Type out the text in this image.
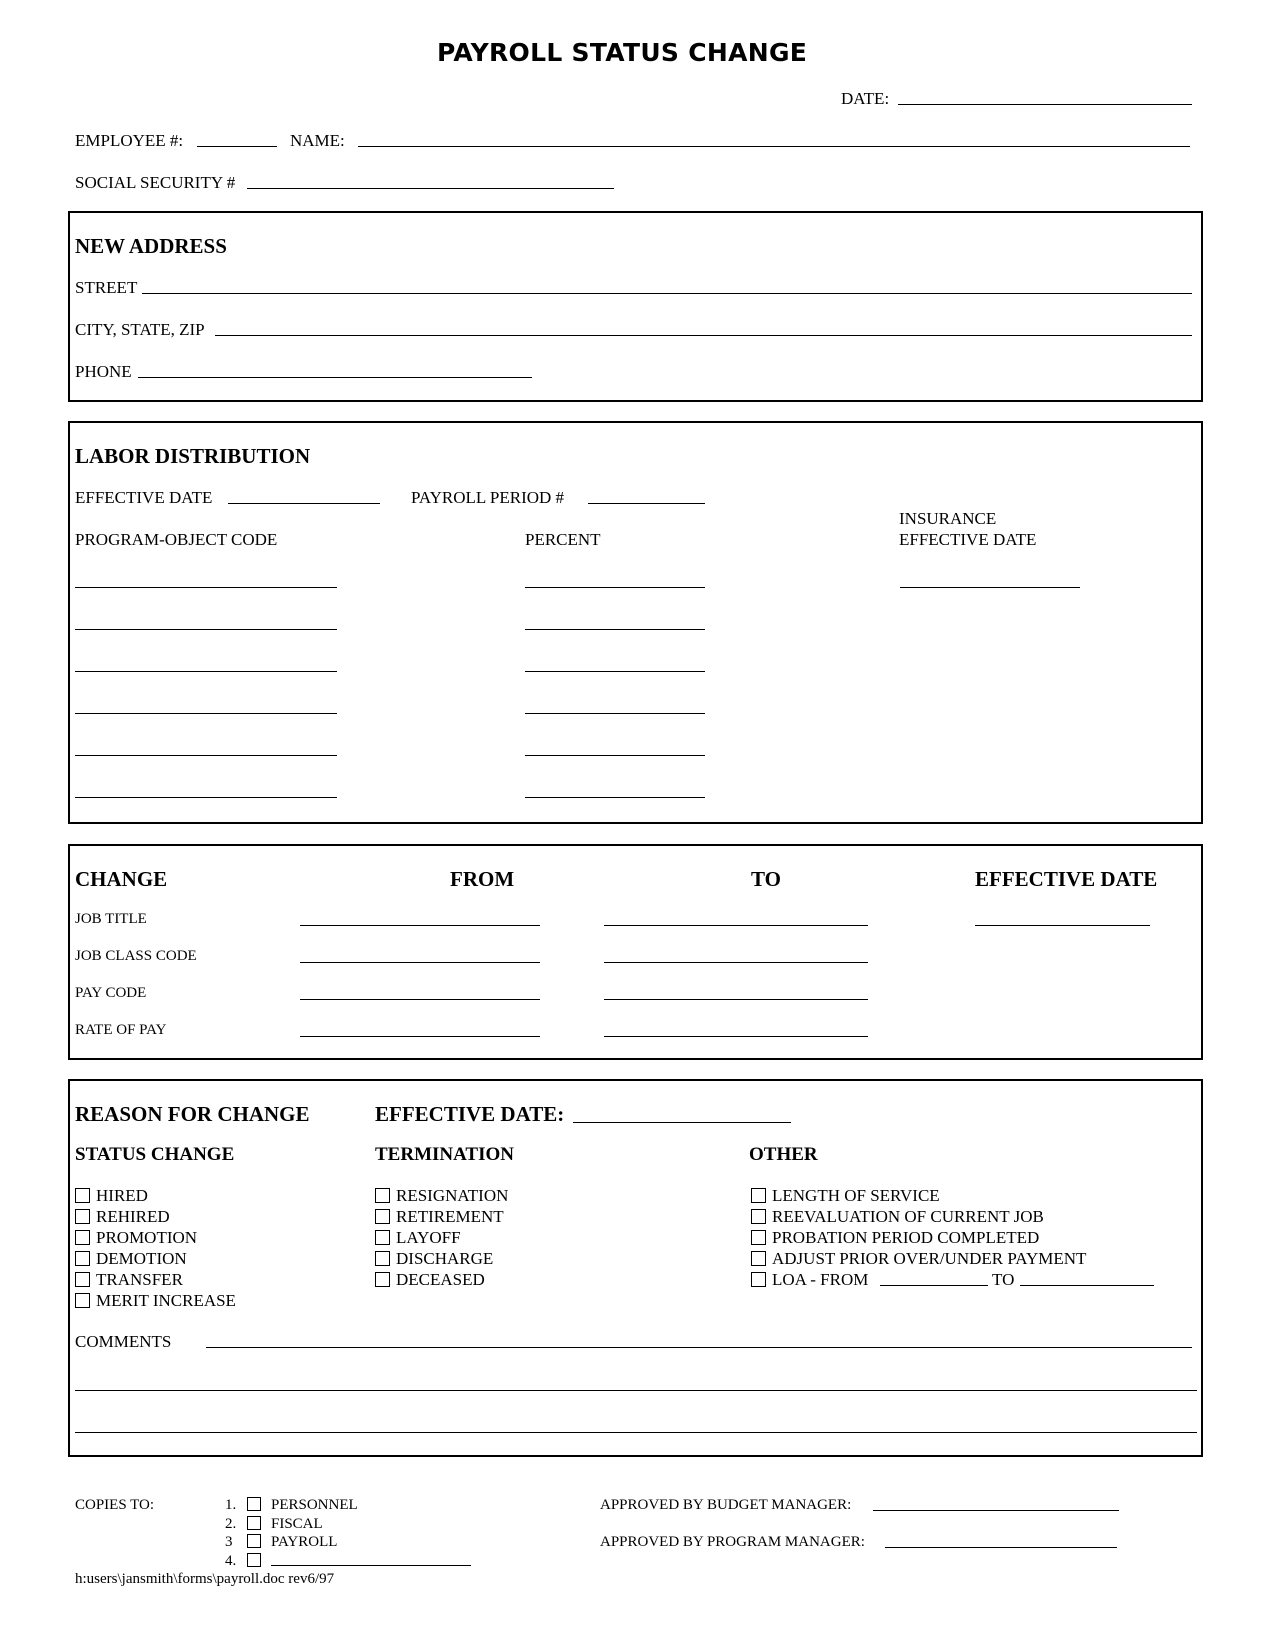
PAYROLL STATUS CHANGE
DATE:
EMPLOYEE #:	NAME:
SOCIAL SECURITY #
NEW ADDRESS
STREET
CITY, STATE, ZIP
PHONE
LABOR DISTRIBUTION
EFFECTIVE DATE	PAYROLL PERIOD #
INSURANCE
EFFECTIVE DATE
PROGRAM-OBJECT CODE	PERCENT
CHANGE	FROM	TO	EFFECTIVE DATE
JOB TITLE
JOB CLASS CODE
PAY CODE
RATE OF PAY
REASON FOR CHANGE	EFFECTIVE DATE:
STATUS CHANGE	TERMINATION	OTHER
HIRED
REHIRED
PROMOTION
DEMOTION
TRANSFER
MERIT INCREASE
RESIGNATION
RETIREMENT
LAYOFF
DISCHARGE
DECEASED
LENGTH OF SERVICE
REEVALUATION OF CURRENT JOB
PROBATION PERIOD COMPLETED
ADJUST PRIOR OVER/UNDER PAYMENT
LOA - FROM	TO
COMMENTS
COPIES TO:	1.	PERSONNEL
2.	FISCAL
3	PAYROLL
4.
APPROVED BY BUDGET MANAGER:
APPROVED BY PROGRAM MANAGER:
h:users\jansmith\forms\payroll.doc rev6/97
